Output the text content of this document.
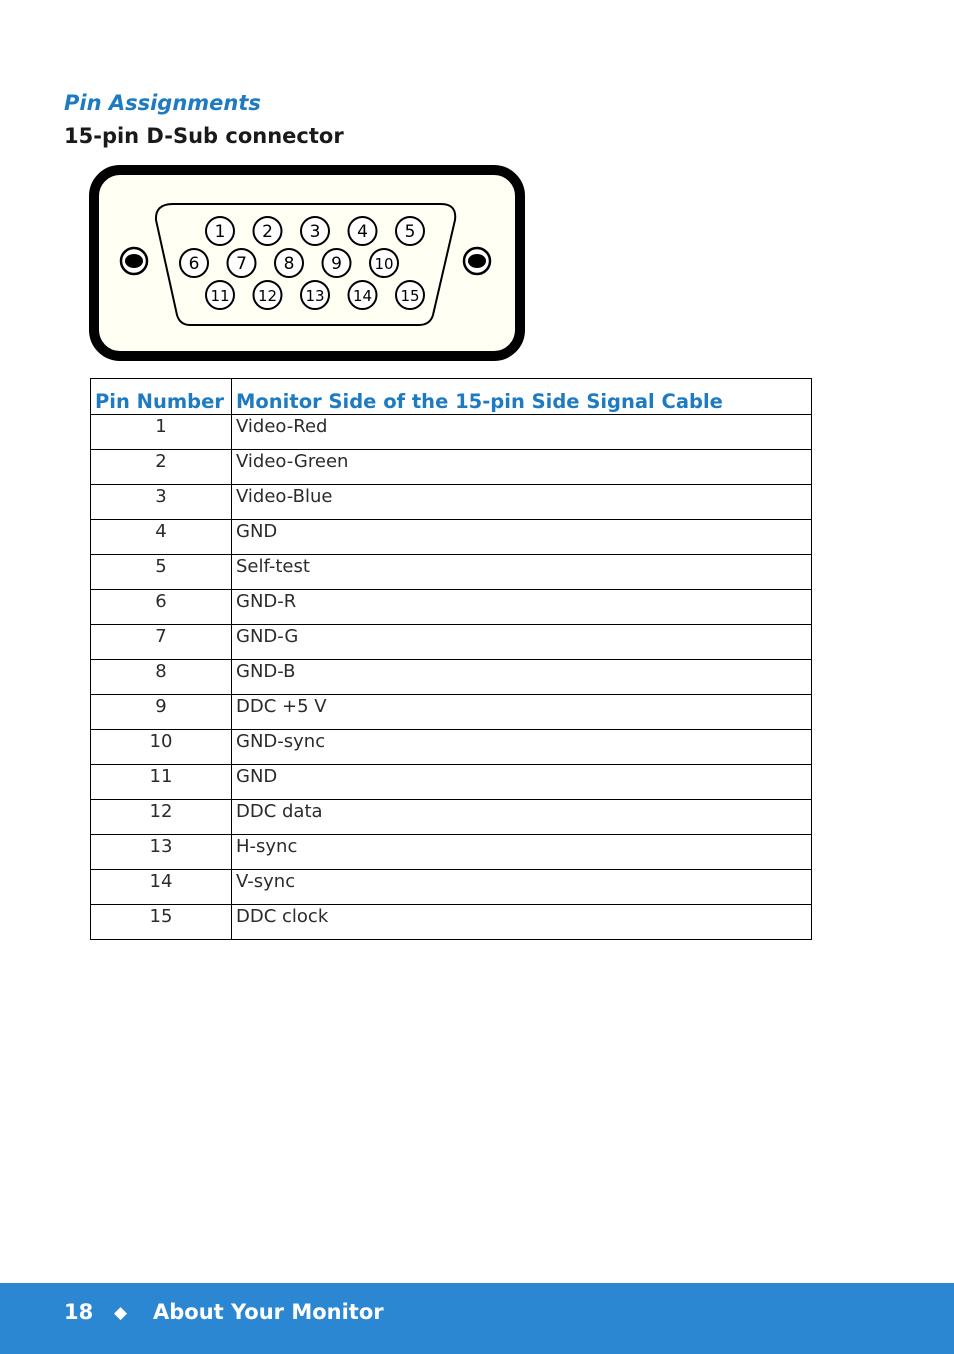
Pin Assignments
15-pin D-Sub connector
1 2 3 4 5
6 7 8 9 10
11 12 13 14 15
Pin Number	Monitor Side of the 15-pin Side Signal Cable
1	Video-Red
2	Video-Green
3	Video-Blue
4	GND
5	Self-test
6	GND-R
7	GND-G
8	GND-B
9	DDC +5 V
10	GND-sync
11	GND
12	DDC data
13	H-sync
14	V-sync
15	DDC clock
18 ◆ About Your Monitor
